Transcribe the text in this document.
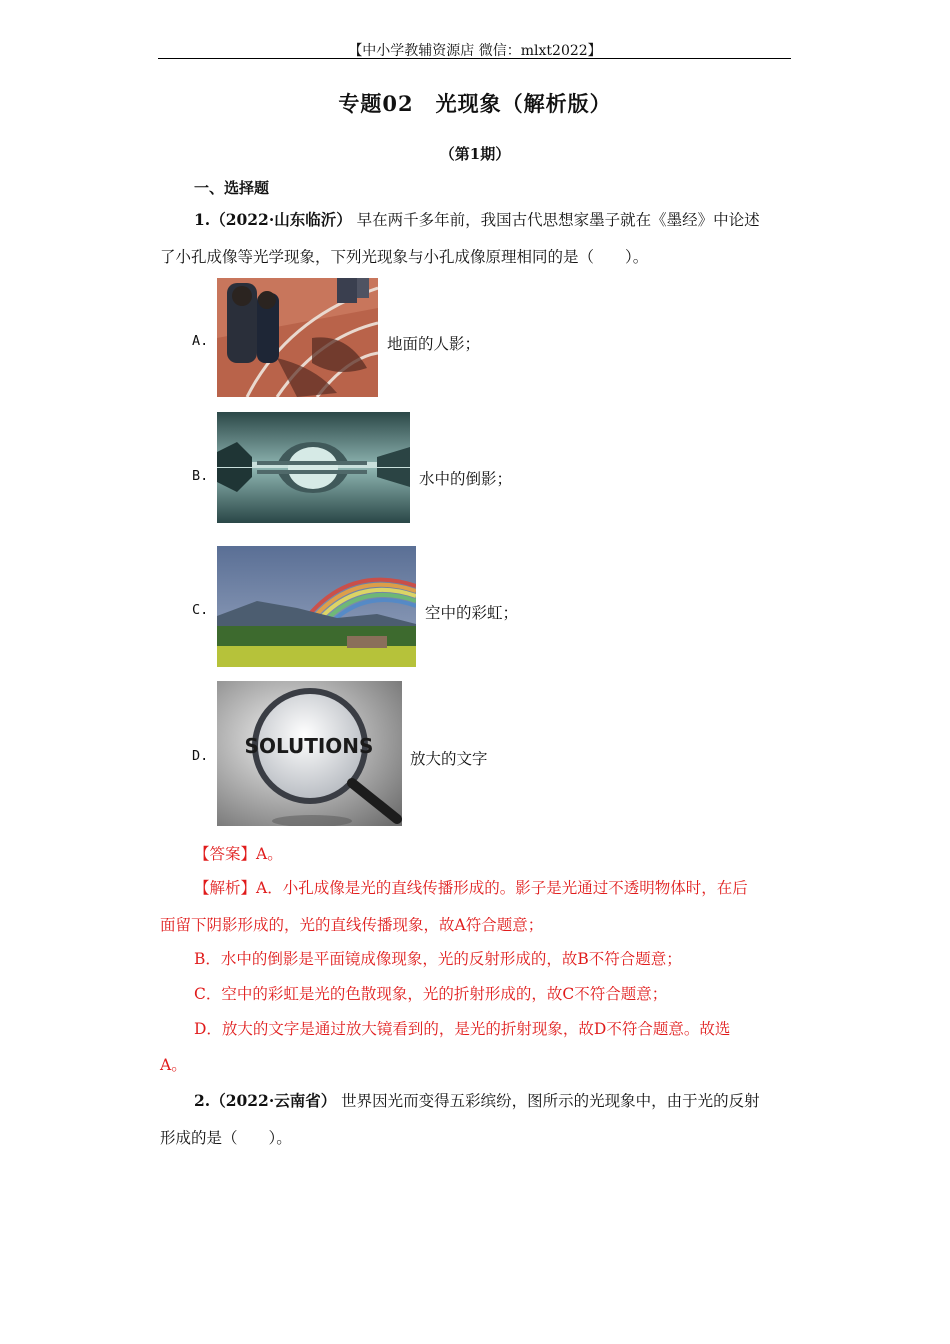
【中小学教辅资源店 微信：mlxt2022】
专题02　光现象（解析版）
（第1期）
一、选择题
1.（2022·山东临沂） 早在两千多年前，我国古代思想家墨子就在《墨经》中论述
了小孔成像等光学现象，下列光现象与小孔成像原理相同的是（　　）。
A.	地面的人影；
B.	水中的倒影；
C.	空中的彩虹；
D. SOLUTIONS
放大的文字
【答案】A。
【解析】A．小孔成像是光的直线传播形成的。影子是光通过不透明物体时，在后
面留下阴影形成的，光的直线传播现象，故A符合题意；
B．水中的倒影是平面镜成像现象，光的反射形成的，故B不符合题意；
C．空中的彩虹是光的色散现象，光的折射形成的，故C不符合题意；
D．放大的文字是通过放大镜看到的，是光的折射现象，故D不符合题意。故选
A。
2.（2022·云南省） 世界因光而变得五彩缤纷，图所示的光现象中，由于光的反射
形成的是（　　）。
